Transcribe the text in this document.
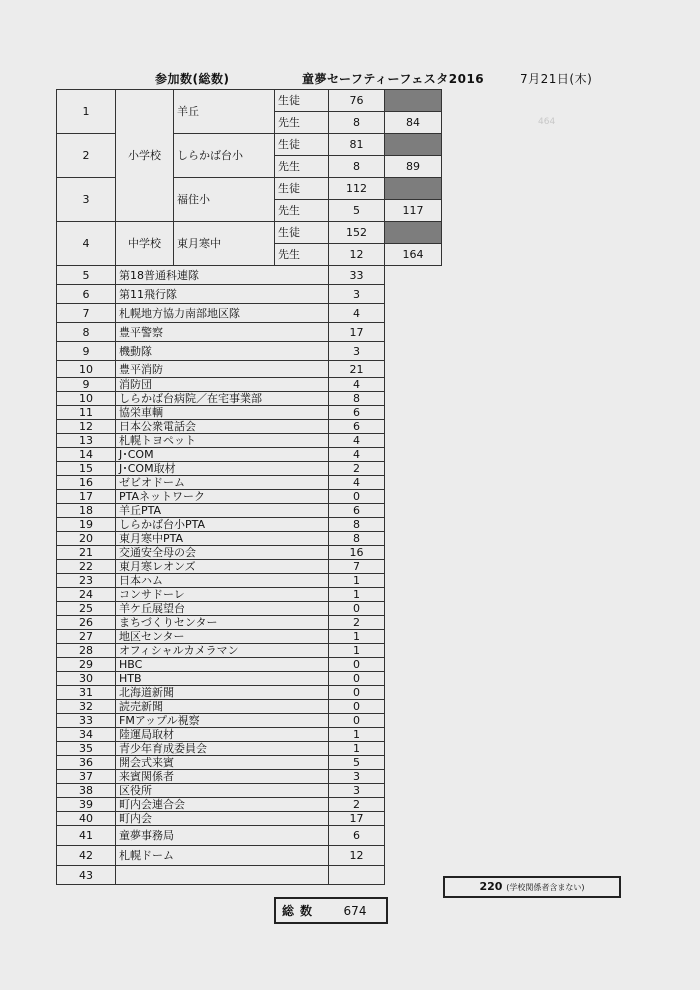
参加数(総数)	童夢セーフティーフェスタ2016	7月21日(木)
464
1	小学校	羊丘	生徒	76	
			先生	8	84
2		しらかば台小	生徒	81	
			先生	8	89
3		福住小	生徒	112	
			先生	5	117
4	中学校	東月寒中	生徒	152	
			先生	12	164
5	第18普通科連隊			33	
6	第11飛行隊			3	
7	札幌地方協力南部地区隊			4	
8	豊平警察			17	
9	機動隊			3	
10	豊平消防			21	
9	消防団			4	
10	しらかば台病院／在宅事業部			8	
11	協栄車輌			6	
12	日本公衆電話会			6	
13	札幌トヨペット			4	
14	J･COM			4	
15	J･COM取材			2	
16	ゼビオドーム			4	
17	PTAネットワーク			0	
18	羊丘PTA			6	
19	しらかば台小PTA			8	
20	東月寒中PTA			8	
21	交通安全母の会			16	
22	東月寒レオンズ			7	
23	日本ハム			1	
24	コンサドーレ			1	
25	羊ケ丘展望台			0	
26	まちづくりセンター			2	
27	地区センター			1	
28	オフィシャルカメラマン			1	
29	HBC			0	
30	HTB			0	
31	北海道新聞			0	
32	読売新聞			0	
33	FMアップル視察			0	
34	陸運局取材			1	
35	青少年育成委員会			1	
36	開会式来賓			5	
37	来賓関係者			3	
38	区役所			3	
39	町内会連合会			2	
40	町内会			17	
41	童夢事務局			6	
42	札幌ドーム			12	
43					
220 (学校関係者含まない)
総数	674
